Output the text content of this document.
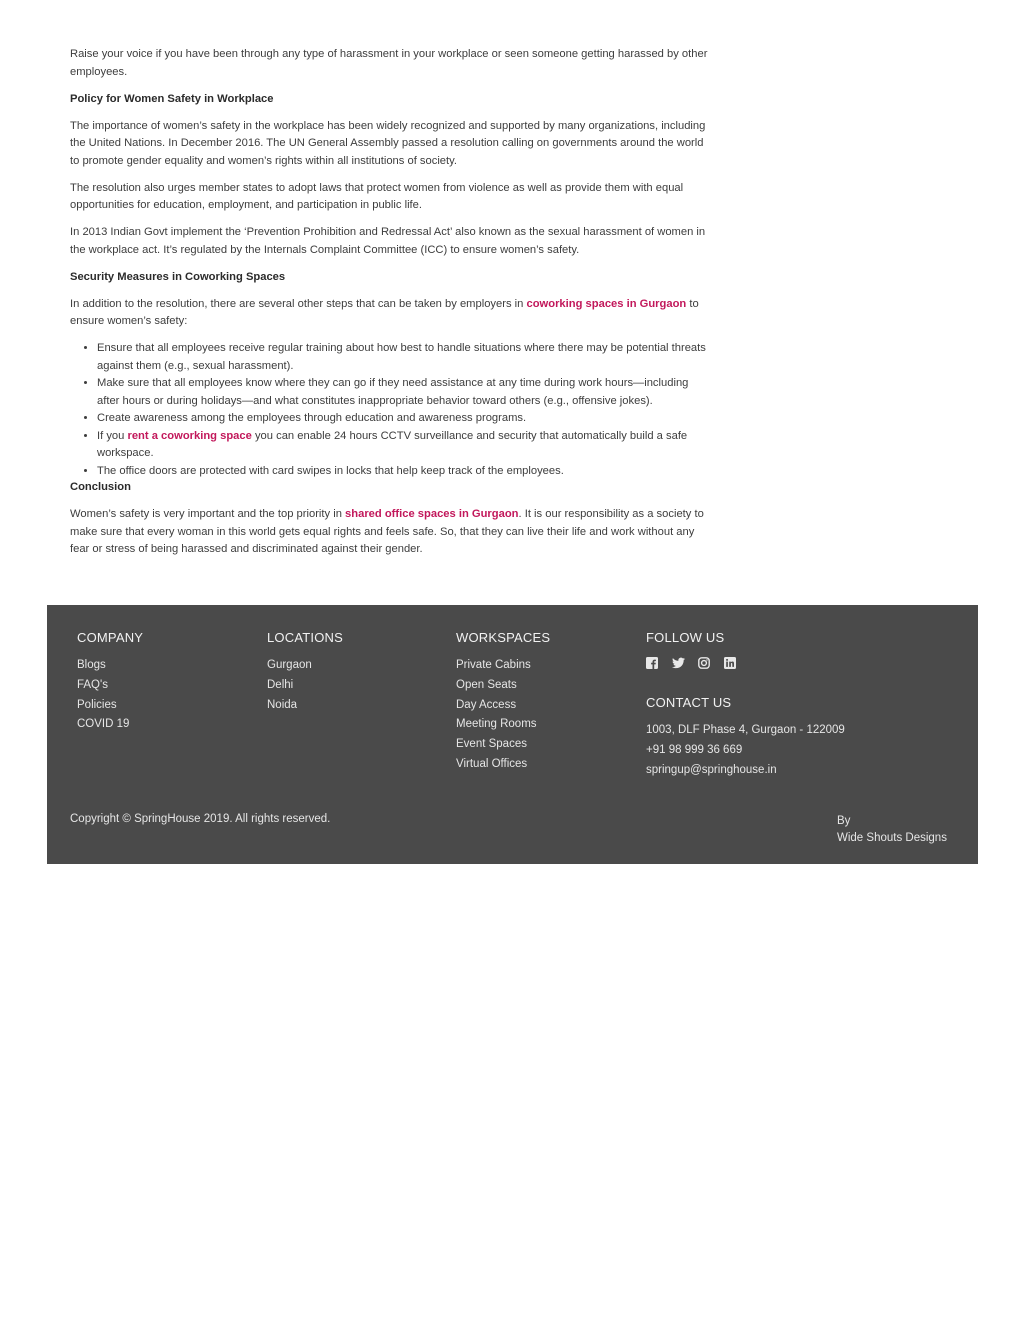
Raise your voice if you have been through any type of harassment in your workplace or seen someone getting harassed by other employees.

Policy for Women Safety in Workplace

The importance of women’s safety in the workplace has been widely recognized and supported by many organizations, including the United Nations. In December 2016. The UN General Assembly passed a resolution calling on governments around the world to promote gender equality and women’s rights within all institutions of society.

The resolution also urges member states to adopt laws that protect women from violence as well as provide them with equal opportunities for education, employment, and participation in public life.

In 2013 Indian Govt implement the ‘Prevention Prohibition and Redressal Act’ also known as the sexual harassment of women in the workplace act. It’s regulated by the Internals Complaint Committee (ICC) to ensure women’s safety.

Security Measures in Coworking Spaces

In addition to the resolution, there are several other steps that can be taken by employers in coworking spaces in Gurgaon to ensure women’s safety:

• Ensure that all employees receive regular training about how best to handle situations where there may be potential threats against them (e.g., sexual harassment).
• Make sure that all employees know where they can go if they need assistance at any time during work hours—including after hours or during holidays—and what constitutes inappropriate behavior toward others (e.g., offensive jokes).
• Create awareness among the employees through education and awareness programs.
• If you rent a coworking space you can enable 24 hours CCTV surveillance and security that automatically build a safe workspace.
• The office doors are protected with card swipes in locks that help keep track of the employees.
Conclusion

Women’s safety is very important and the top priority in shared office spaces in Gurgaon. It is our responsibility as a society to make sure that every woman in this world gets equal rights and feels safe. So, that they can live their life and work without any fear or stress of being harassed and discriminated against their gender.

COMPANY
Blogs
FAQ's
Policies
COVID 19
LOCATIONS
Gurgaon
Delhi
Noida
WORKSPACES
Private Cabins
Open Seats
Day Access
Meeting Rooms
Event Spaces
Virtual Offices
FOLLOW US
CONTACT US
1003, DLF Phase 4, Gurgaon - 122009
+91 98 999 36 669
springup@springhouse.in
Copyright © SpringHouse 2019. All rights reserved.	By
Wide Shouts Designs
